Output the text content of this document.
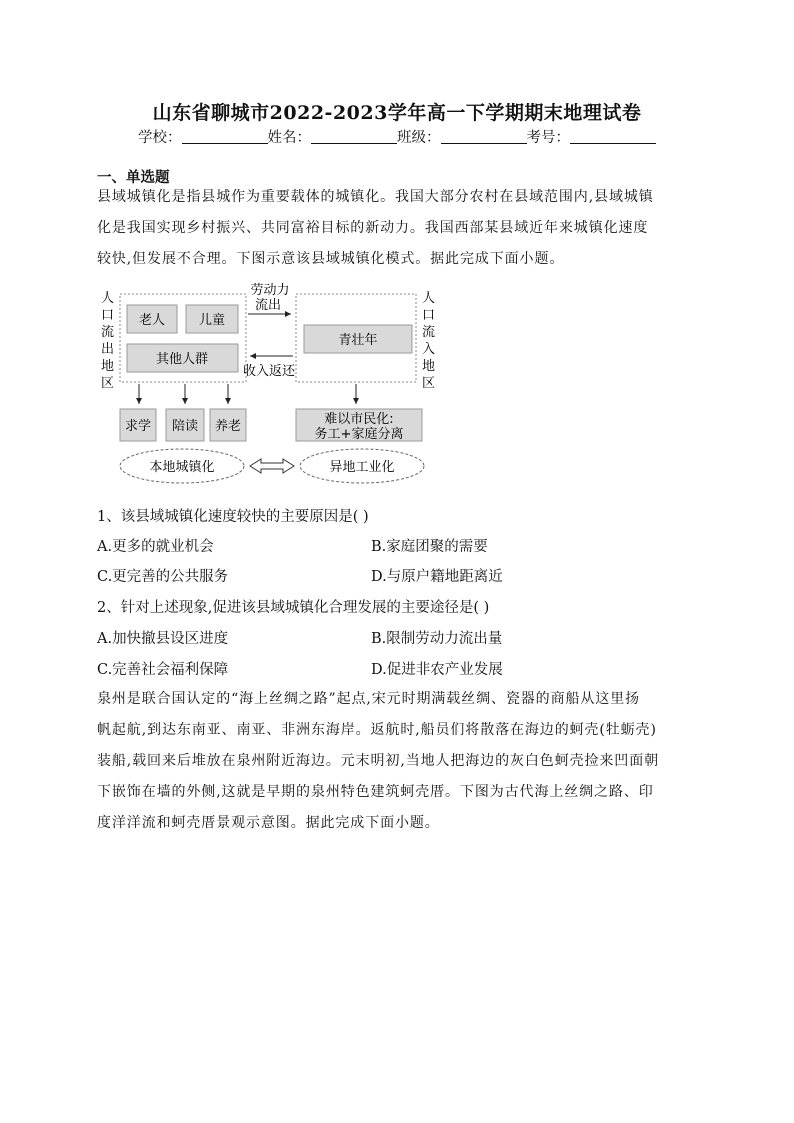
山东省聊城市2022-2023学年高一下学期期末地理试卷
学校：	姓名：	班级：	考号：
一、单选题
县域城镇化是指县城作为重要载体的城镇化。我国大部分农村在县域范围内,县域城镇
化是我国实现乡村振兴、共同富裕目标的新动力。我国西部某县域近年来城镇化速度
较快,但发展不合理。下图示意该县域城镇化模式。据此完成下面小题。
人
口
流
出
地
区
老人	儿童
其他人群
劳动力
流出
收入返还
青壮年
人
口
流
入
地
区
求学 陪读 养老	难以市民化:
务工+家庭分离
本地城镇化	异地工业化
1、该县域城镇化速度较快的主要原因是( )
A.更多的就业机会	B.家庭团聚的需要
C.更完善的公共服务	D.与原户籍地距离近
2、针对上述现象,促进该县域城镇化合理发展的主要途径是( )
A.加快撤县设区进度	B.限制劳动力流出量
C.完善社会福利保障	D.促进非农产业发展
泉州是联合国认定的“海上丝绸之路”起点,宋元时期满载丝绸、瓷器的商船从这里扬
帆起航,到达东南亚、南亚、非洲东海岸。返航时,船员们将散落在海边的蚵壳(牡蛎壳)
装船,载回来后堆放在泉州附近海边。元末明初,当地人把海边的灰白色蚵壳捡来凹面朝
下嵌饰在墙的外侧,这就是早期的泉州特色建筑蚵壳厝。下图为古代海上丝绸之路、印
度洋洋流和蚵壳厝景观示意图。据此完成下面小题。
